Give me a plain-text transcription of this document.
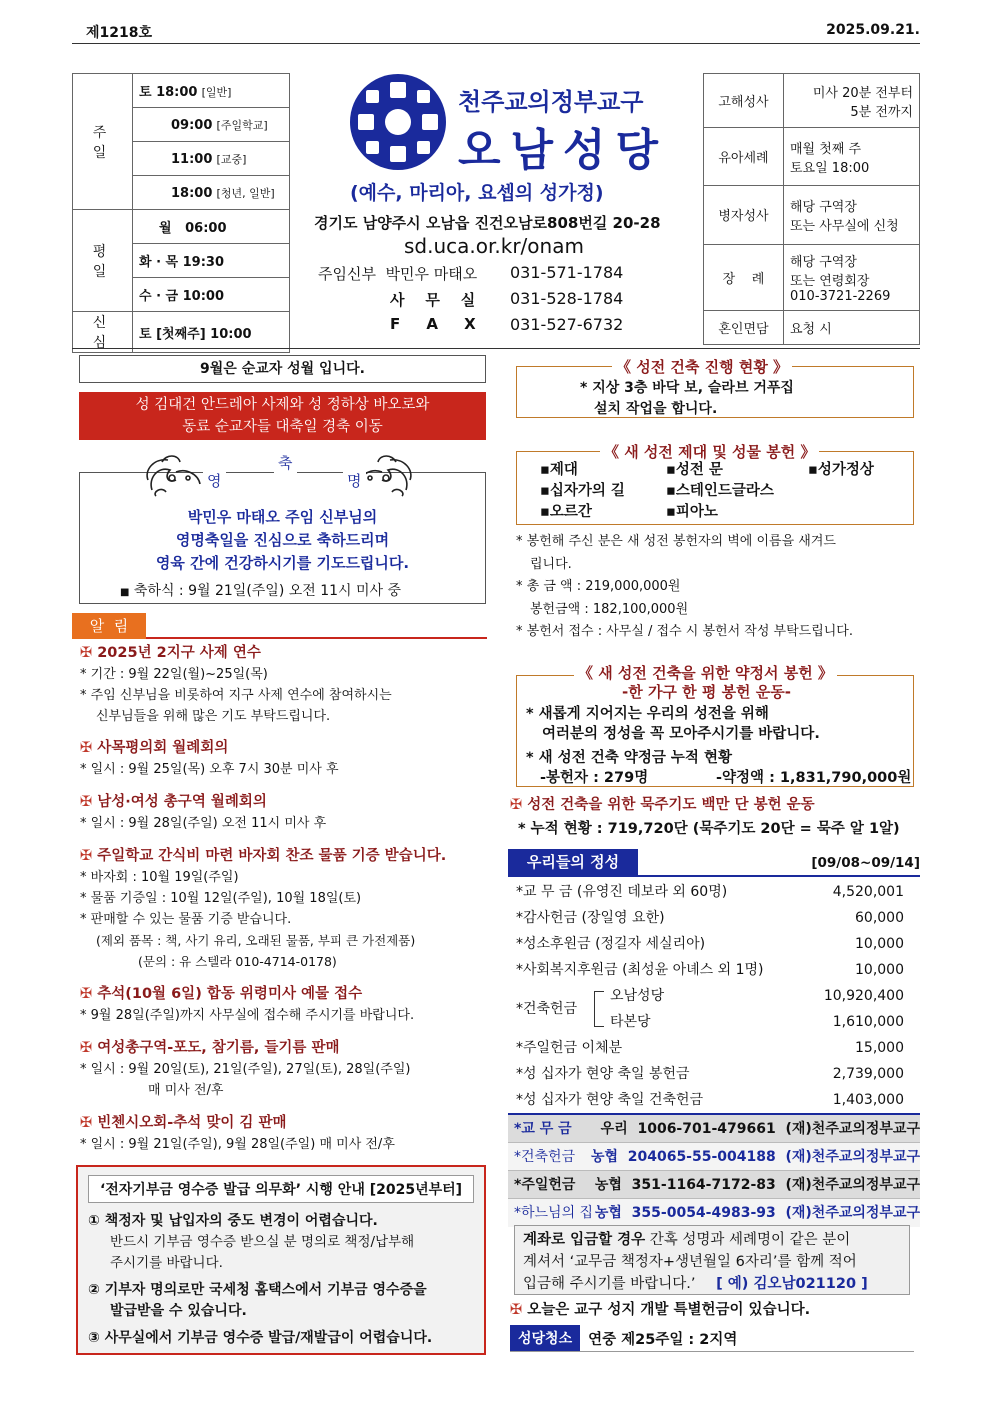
제1218호	2025.09.21.
주 일	토 18:00 [일반]
	09:00 [주일학교]
	11:00 [교중]
	18:00 [청년, 일반]
평 일	월   06:00
	화 · 목 19:30
	수 · 금 10:00
신 심	토 [첫째주] 10:00
천주교의정부교구
오남성당
(예수, 마리아, 요셉의 성가정)
경기도 남양주시 오남읍 진건오남로808번길 20-28
sd.uca.or.kr/onam
주임신부  박민우 마태오 031-571-1784
사    무    실 031-528-1784
F     A     X 031-527-6732
고해성사	미사 20분 전부터
5분 전까지
유아세례	매월 첫째 주
토요일 18:00
병자성사	해당 구역장
또는 사무실에 신청
장    례	해당 구역장
또는 연령회장
010-3721-2269
혼인면담	요청 시
9월은 순교자 성월 입니다.
성 김대건 안드레아 사제와 성 정하상 바오로와
동료 순교자들 대축일 경축 이동
축
영	명
박민우 마태오 주임 신부님의
영명축일을 진심으로 축하드리며
영육 간에 건강하시기를 기도드립니다.
■ 축하식 : 9월 21일(주일) 오전 11시 미사 중
알  림
✠ 2025년 2지구 사제 연수
* 기간 : 9월 22일(월)~25일(목)
* 주임 신부님을 비롯하여 지구 사제 연수에 참여하시는
신부님들을 위해 많은 기도 부탁드립니다.
✠ 사목평의회 월례회의
* 일시 : 9월 25일(목) 오후 7시 30분 미사 후
✠ 남성·여성 총구역 월례회의
* 일시 : 9월 28일(주일) 오전 11시 미사 후
✠ 주일학교 간식비 마련 바자회 찬조 물품 기증 받습니다.
* 바자회 : 10월 19일(주일)
* 물품 기증일 : 10월 12일(주일), 10월 18일(토)
* 판매할 수 있는 물품 기증 받습니다.
(제외 품목 : 책, 사기 유리, 오래된 물품, 부피 큰 가전제품)
(문의 : 유 스텔라 010-4714-0178)
✠ 추석(10월 6일) 합동 위령미사 예물 접수
* 9월 28일(주일)까지 사무실에 접수해 주시기를 바랍니다.
✠ 여성총구역-포도, 참기름, 들기름 판매
* 일시 : 9월 20일(토), 21일(주일), 27일(토), 28일(주일)
매 미사 전/후
✠ 빈첸시오회-추석 맞이 김 판매
* 일시 : 9월 21일(주일), 9월 28일(주일) 매 미사 전/후
‘전자기부금 영수증 발급 의무화’ 시행 안내 [2025년부터]
① 책정자 및 납입자의 중도 변경이 어렵습니다.
반드시 기부금 영수증 받으실 분 명의로 책정/납부해
주시기를 바랍니다.
② 기부자 명의로만 국세청 홈택스에서 기부금 영수증을
발급받을 수 있습니다.
③ 사무실에서 기부금 영수증 발급/재발급이 어렵습니다.
《 성전 건축 진행 현황 》
* 지상 3층 바닥 보, 슬라브 거푸집
설치 작업을 합니다.
《 새 성전 제대 및 성물 봉헌 》
▪제대	▪성전 문	▪성가정상
▪십자가의 길	▪스테인드글라스
▪오르간	▪피아노
* 봉헌해 주신 분은 새 성전 봉헌자의 벽에 이름을 새겨드
립니다.
* 총 금 액 : 219,000,000원
봉헌금액 : 182,100,000원
* 봉헌서 접수 : 사무실 / 접수 시 봉헌서 작성 부탁드립니다.
《 새 성전 건축을 위한 약정서 봉헌 》
-한 가구 한 평 봉헌 운동-
* 새롭게 지어지는 우리의 성전을 위해
여러분의 정성을 꼭 모아주시기를 바랍니다.
* 새 성전 건축 약정금 누적 현황
-봉헌자 : 279명	-약정액 : 1,831,790,000원
✠ 성전 건축을 위한 묵주기도 백만 단 봉헌 운동
* 누적 현황 : 719,720단 (묵주기도 20단 = 묵주 알 1알)
우리들의 정성	[09/08~09/14]
*교 무 금 (유영진 데보라 외 60명)	4,520,001
*감사헌금 (장일영 요한)	60,000
*성소후원금 (정길자 세실리아)	10,000
*사회복지후원금 (최성윤 아녜스 외 1명)	10,000
*건축헌금
오남성당	10,920,400
타본당	1,610,000
*주일헌금 이체분	15,000
*성 십자가 현양 축일 봉헌금	2,739,000
*성 십자가 현양 축일 건축헌금	1,403,000
*교 무 금	우리  1006-701-479661  (재)천주교의정부교구
*건축헌금	농협  204065-55-004188  (재)천주교의정부교구
*주일헌금	농협  351-1164-7172-83  (재)천주교의정부교구
*하느님의 집 농협  355-0054-4983-93  (재)천주교의정부교구
계좌로 입금할 경우 간혹 성명과 세례명이 같은 분이
계셔서 ‘교무금 책정자+생년월일 6자리’를 함께 적어
입금해 주시기를 바랍니다.’ [ 예) 김오남021120 ]
✠ 오늘은 교구 성지 개발 특별헌금이 있습니다.
성당청소	연중 제25주일 : 2지역
